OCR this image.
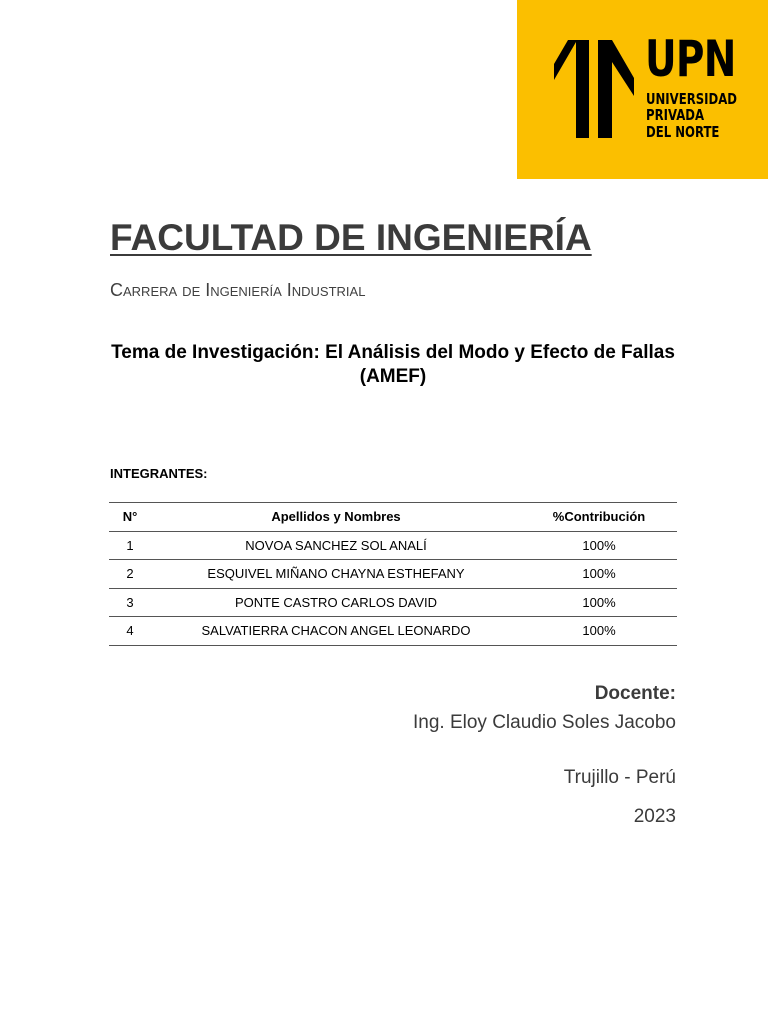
UPN
UNIVERSIDAD
PRIVADA
DEL NORTE
FACULTAD DE INGENIERÍA

Carrera de Ingeniería Industrial

Tema de Investigación: El Análisis del Modo y Efecto de Fallas (AMEF)

INTEGRANTES:

N°	Apellidos y Nombres	%Contribución
1	NOVOA SANCHEZ SOL ANALÍ	100%
2	ESQUIVEL MIÑANO CHAYNA ESTHEFANY	100%
3	PONTE CASTRO CARLOS DAVID	100%
4	SALVATIERRA CHACON ANGEL LEONARDO	100%

Docente:

Ing. Eloy Claudio Soles Jacobo

Trujillo - Perú

2023
